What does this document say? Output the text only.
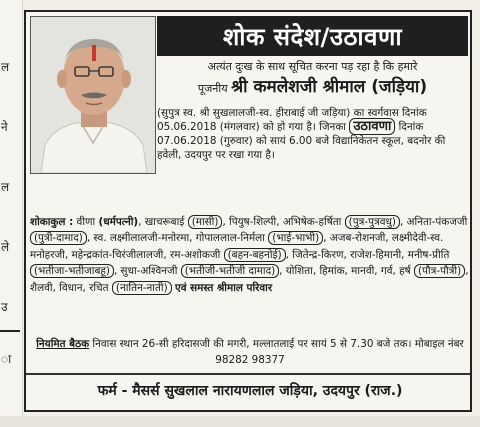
ल
ने
ल
ले
उ
ा
शोक संदेश/उठावणा
अत्यंत दुःख के साथ सूचित करना पड़ रहा है कि हमारे
पूजनीय श्री कमलेशजी श्रीमाल (जड़िया)
(सुपुत्र स्व. श्री सुखलालजी-स्व. हीराबाई जी जड़िया) का स्वर्गवास दिनांक 05.06.2018 (मंगलवार) को हो गया है। जिनका उठावणा दिनांक 07.06.2018 (गुरुवार) को सायं 6.00 बजे विद्यानिकेतन स्कूल, बदनोर की हवेली, उदयपुर पर रखा गया है।
शोकाकुल : वीणा (धर्मपत्नी), खाचरूबाई (मासी) , पियुष-शिल्पी, अभिषेक-हर्षिता (पुत्र-पुत्रवधु) , अनिता-पंकजजी (पुत्री-दामाद) , स्व. लक्ष्मीलालजी-मनोरमा, गोपाललाल-निर्मला (भाई-भाभी) , अजब-रोशनजी, लक्ष्मीदेवी-स्व. मनोहरजी, महेन्द्रकांत-चिरंजीलालजी, रम-अशोकजी (बहन-बहनोई) , जितेन्द्र-किरण, राजेश-हिमानी, मनीष-प्रीति (भतीजा-भतीजाबहू) , सुधा-अश्विनजी (भतीजी-भतीजी दामाद) , योशिता, हिमांक, मानवी, गर्व, हर्ष (पौत्र-पौत्री) , शैलवी, विधान, रचित (नातिन-नाती) एवं समस्त श्रीमाल परिवार
नियमित बैठक निवास स्थान 26-सी हरिदासजी की मगरी, मल्लातलाई पर सायं 5 से 7.30 बजे तक। मोबाइल नंबर 98282 98377
फर्म - मैसर्स सुखलाल नारायणलाल जड़िया, उदयपुर (राज.)
